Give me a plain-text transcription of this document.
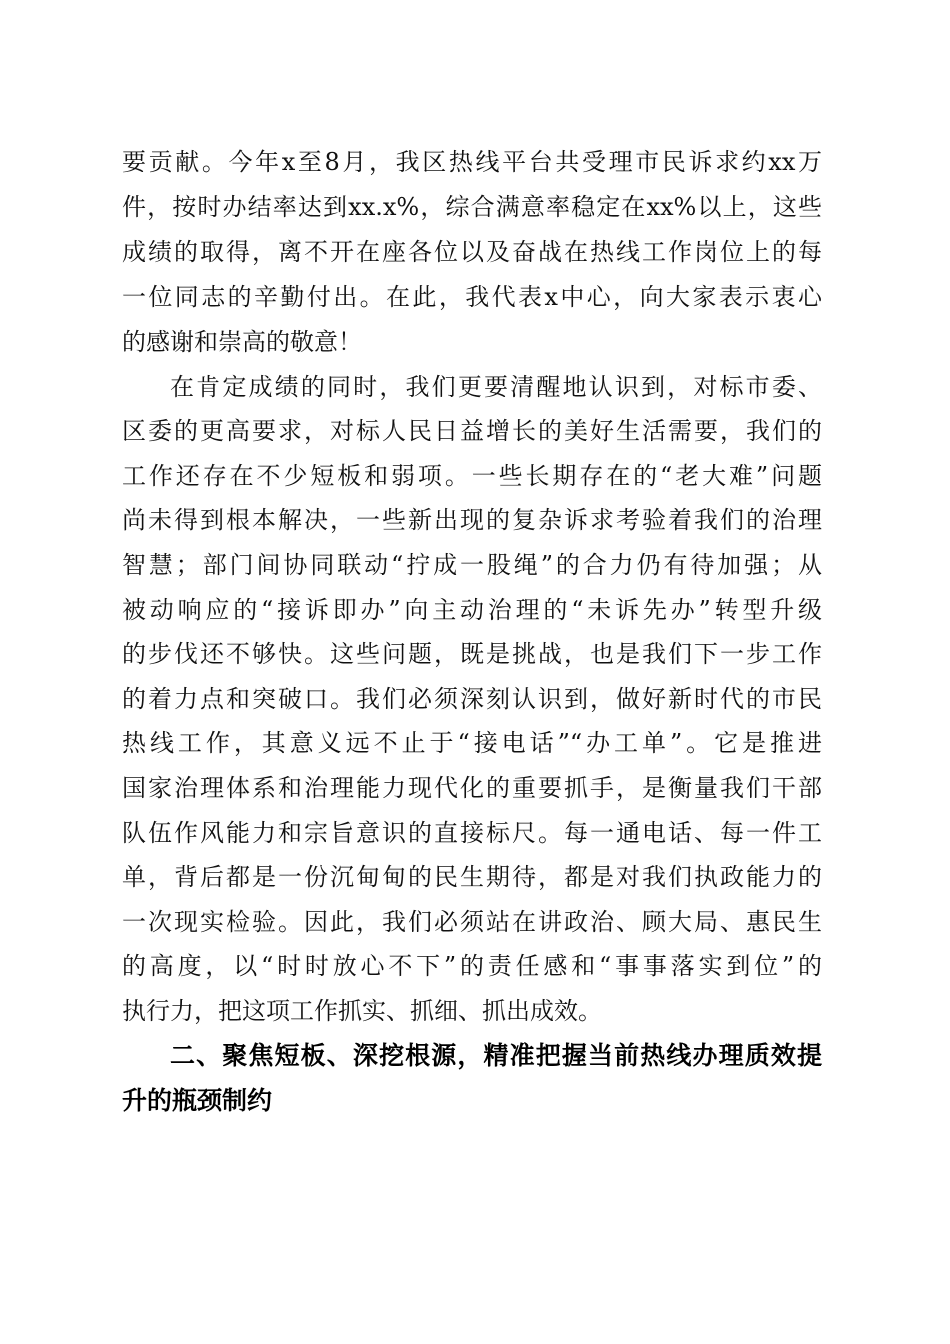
要贡献。今年x至8月，我区热线平台共受理市民诉求约xx万
件，按时办结率达到xx.x%，综合满意率稳定在xx%以上，这些
成绩的取得，离不开在座各位以及奋战在热线工作岗位上的每
一位同志的辛勤付出。在此，我代表x中心，向大家表示衷心
的感谢和崇高的敬意！
在肯定成绩的同时，我们更要清醒地认识到，对标市委、
区委的更高要求，对标人民日益增长的美好生活需要，我们的
工作还存在不少短板和弱项。一些长期存在的“老大难”问题
尚未得到根本解决，一些新出现的复杂诉求考验着我们的治理
智慧；部门间协同联动“拧成一股绳”的合力仍有待加强；从
被动响应的“接诉即办”向主动治理的“未诉先办”转型升级
的步伐还不够快。这些问题，既是挑战，也是我们下一步工作
的着力点和突破口。我们必须深刻认识到，做好新时代的市民
热线工作，其意义远不止于“接电话”“办工单”。它是推进
国家治理体系和治理能力现代化的重要抓手，是衡量我们干部
队伍作风能力和宗旨意识的直接标尺。每一通电话、每一件工
单，背后都是一份沉甸甸的民生期待，都是对我们执政能力的
一次现实检验。因此，我们必须站在讲政治、顾大局、惠民生
的高度，以“时时放心不下”的责任感和“事事落实到位”的
执行力，把这项工作抓实、抓细、抓出成效。
二、聚焦短板、深挖根源，精准把握当前热线办理质效提
升的瓶颈制约
